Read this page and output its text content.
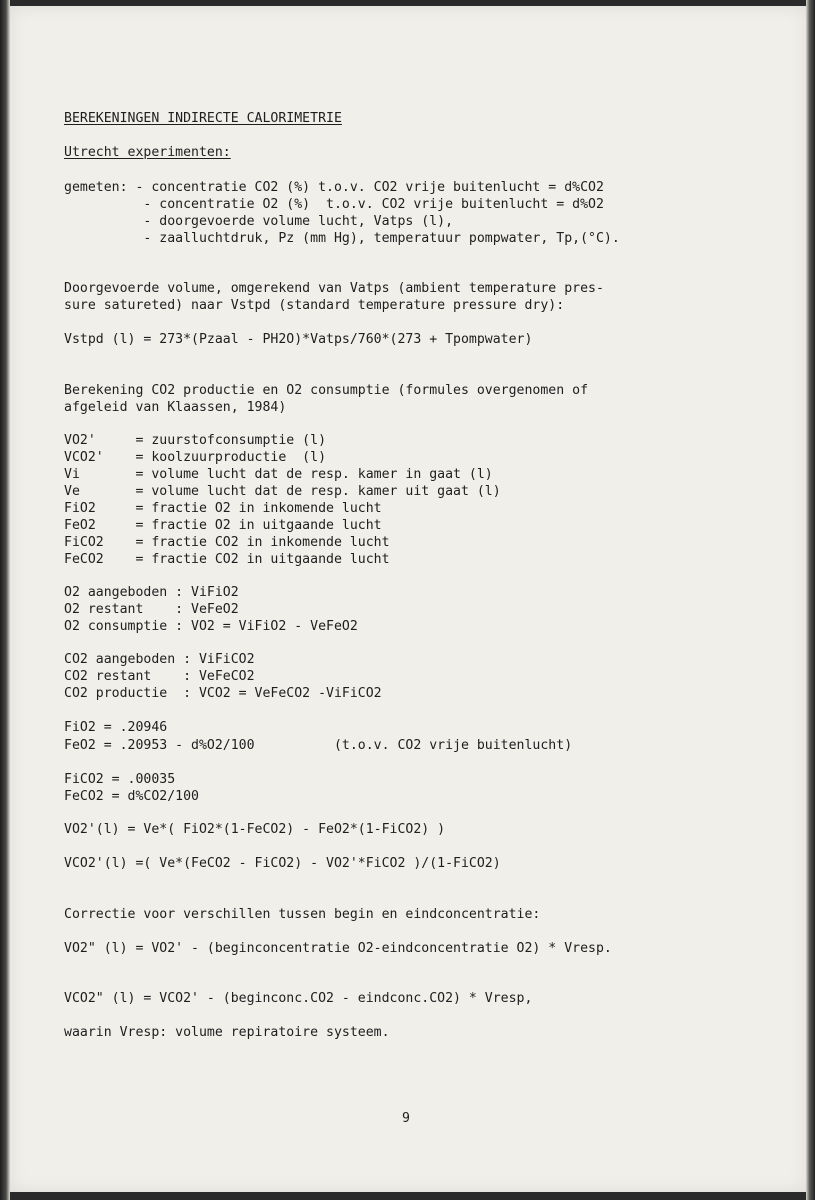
BEREKENINGEN INDIRECTE CALORIMETRIE
Utrecht experimenten:
gemeten: - concentratie CO2 (%) t.o.v. CO2 vrije buitenlucht = d%CO2
- concentratie O2 (%)  t.o.v. CO2 vrije buitenlucht = d%O2
- doorgevoerde volume lucht, Vatps (l),
- zaalluchtdruk, Pz (mm Hg), temperatuur pompwater, Tp,(°C).
Doorgevoerde volume, omgerekend van Vatps (ambient temperature pres-
sure satureted) naar Vstpd (standard temperature pressure dry):
Vstpd (l) = 273*(Pzaal - PH2O)*Vatps/760*(273 + Tpompwater)
Berekening CO2 productie en O2 consumptie (formules overgenomen of
afgeleid van Klaassen, 1984)
VO2'     = zuurstofconsumptie (l)
VCO2'    = koolzuurproductie  (l)
Vi       = volume lucht dat de resp. kamer in gaat (l)
Ve       = volume lucht dat de resp. kamer uit gaat (l)
FiO2     = fractie O2 in inkomende lucht
FeO2     = fractie O2 in uitgaande lucht
FiCO2    = fractie CO2 in inkomende lucht
FeCO2    = fractie CO2 in uitgaande lucht
O2 aangeboden : ViFiO2
O2 restant    : VeFeO2
O2 consumptie : VO2 = ViFiO2 - VeFeO2
CO2 aangeboden : ViFiCO2
CO2 restant    : VeFeCO2
CO2 productie  : VCO2 = VeFeCO2 -ViFiCO2
FiO2 = .20946
FeO2 = .20953 - d%O2/100          (t.o.v. CO2 vrije buitenlucht)
FiCO2 = .00035
FeCO2 = d%CO2/100
VO2'(l) = Ve*( FiO2*(1-FeCO2) - FeO2*(1-FiCO2) )
VCO2'(l) =( Ve*(FeCO2 - FiCO2) - VO2'*FiCO2 )/(1-FiCO2)
Correctie voor verschillen tussen begin en eindconcentratie:
VO2" (l) = VO2' - (beginconcentratie O2-eindconcentratie O2) * Vresp.
VCO2" (l) = VCO2' - (beginconc.CO2 - eindconc.CO2) * Vresp,
waarin Vresp: volume repiratoire systeem.
9
